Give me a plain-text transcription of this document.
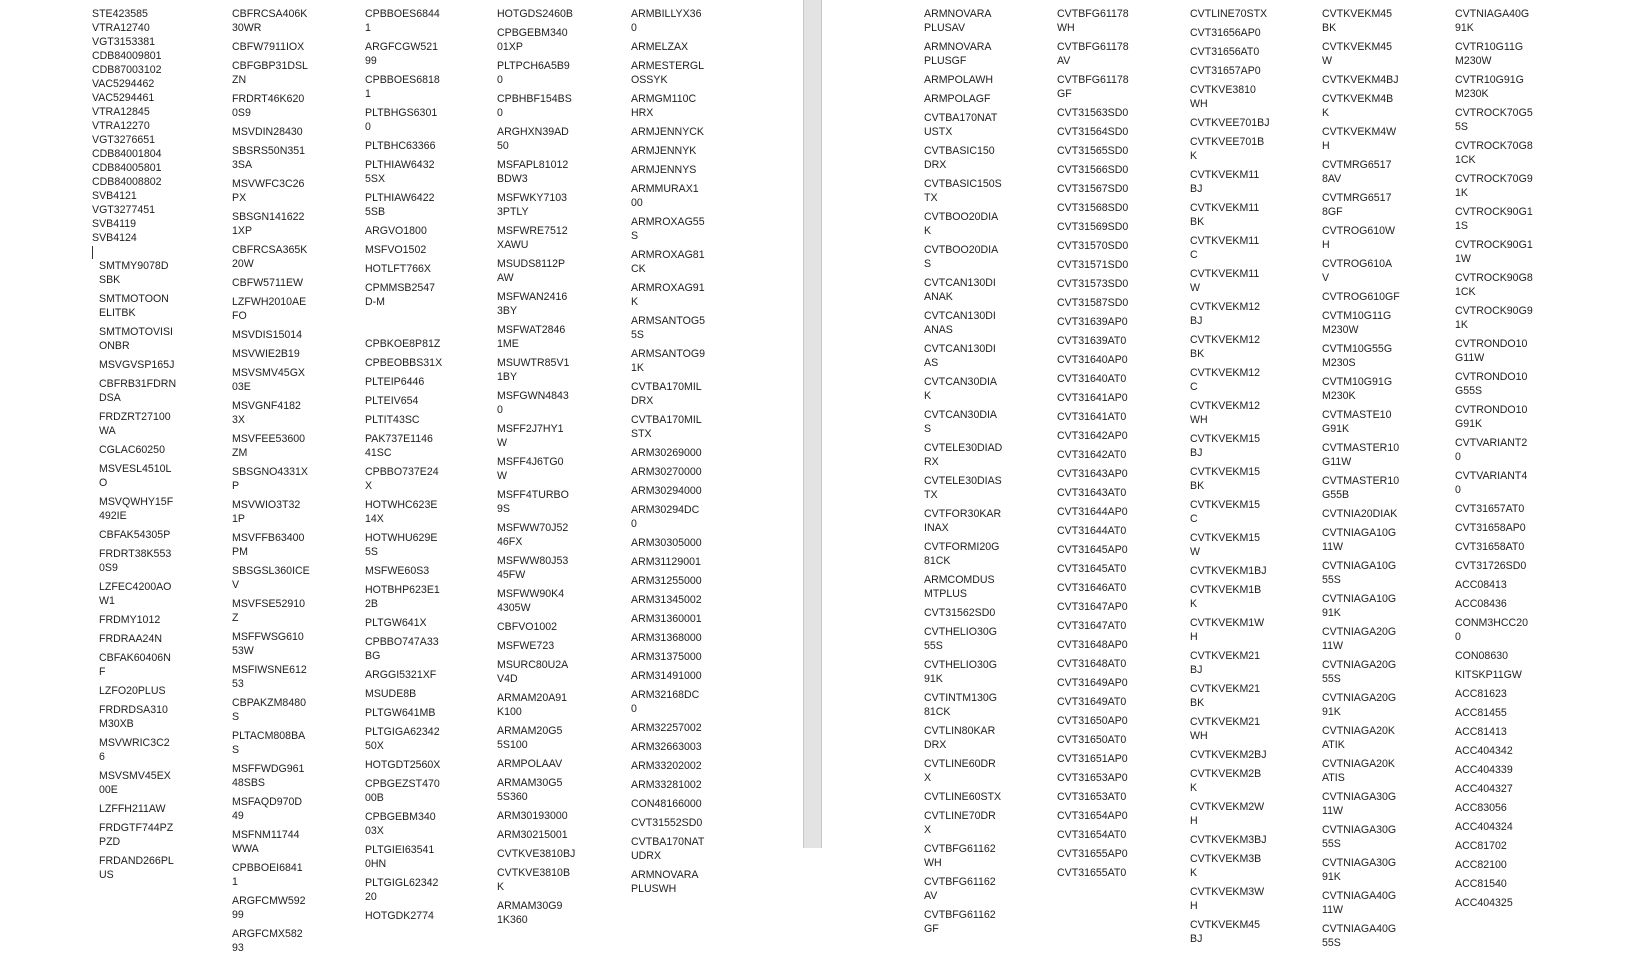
STE423585
VTRA12740
VGT3153381
CDB84009801
CDB87003102
VAC5294462
VAC5294461
VTRA12845
VTRA12270
VGT3276651
CDB84001804
CDB84005801
CDB84008802
SVB4121
VGT3277451
SVB4119
SVB4124
SMTMY9078D
SBK
SMTMOTOON
ELITBK
SMTMOTOVISI
ONBR
MSVGVSP165J
CBFRB31FDRN
DSA
FRDZRT27100
WA
CGLAC60250
MSVESL4510L
O
MSVQWHY15F
492IE
CBFAK54305P
FRDRT38K553
0S9
LZFEC4200AO
W1
FRDMY1012
FRDRAA24N
CBFAK60406N
F
LZFO20PLUS
FRDRDSA310
M30XB
MSVWRIC3C2
6
MSVSMV45EX
00E
LZFFH211AW
FRDGTF744PZ
PZD
FRDAND266PL
US
CBFRCSA406K
30WR
CBFW7911IOX
CBFGBP31DSL
ZN
FRDRT46K620
0S9
MSVDIN28430
SBSRS50N351
3SA
MSVWFC3C26
PX
SBSGN141622
1XP
CBFRCSA365K
20W
CBFW5711EW
LZFWH2010AE
FO
MSVDIS15014
MSVWIE2B19
MSVSMV45GX
03E
MSVGNF4182
3X
MSVFEE53600
ZM
SBSGNO4331X
P
MSVWIO3T32
1P
MSVFFB63400
PM
SBSGSL360ICE
V
MSVFSE52910
Z
MSFFWSG610
53W
MSFIWSNE612
53
CBPAKZM8480
S
PLTACM808BA
S
MSFFWDG961
48SBS
MSFAQD970D
49
MSFNM11744
WWA
CPBBOEI6841
1
ARGFCMW592
99
ARGFCMX582
93
CPBBOES6844
1
ARGFCGW521
99
CPBBOES6818
1
PLTBHGS6301
0
PLTBHC63366
PLTHIAW6432
5SX
PLTHIAW6422
5SB
ARGVO1800
MSFVO1502
HOTLFT766X
CPMMSB2547
D-M
CPBKOE8P81Z
CPBEOBBS31X
PLTEIP6446
PLTEIV654
PLTIT43SC
PAK737E1146
41SC
CPBBO737E24
X
HOTWHC623E
14X
HOTWHU629E
5S
MSFWE60S3
HOTBHP623E1
2B
PLTGW641X
CPBBO747A33
BG
ARGGI5321XF
MSUDE8B
PLTGW641MB
PLTGIGA62342
50X
HOTGDT2560X
CPBGEZST470
00B
CPBGEBM340
03X
PLTGIEI63541
0HN
PLTGIGL62342
20
HOTGDK2774
HOTGDS2460B
CPBGEBM340
01XP
PLTPCH6A5B9
0
CPBHBF154BS
0
ARGHXN39AD
50
MSFAPL81012
BDW3
MSFWKY7103
3PTLY
MSFWRE7512
XAWU
MSUDS8112P
AW
MSFWAN2416
3BY
MSFWAT2846
1ME
MSUWTR85V1
1BY
MSFGWN4843
0
MSFF2J7HY1
W
MSFF4J6TG0
W
MSFF4TURBO
9S
MSFWW70J52
46FX
MSFWW80J53
45FW
MSFWW90K4
4305W
CBFVO1002
MSFWE723
MSURC80U2A
V4D
ARMAM20A91
K100
ARMAM20G5
5S100
ARMPOLAAV
ARMAM30G5
5S360
ARM30193000
ARM30215001
CVTKVE3810BJ
CVTKVE3810B
K
ARMAM30G9
1K360
ARMBILLYX36
0
ARMELZAX
ARMESTERGL
OSSYK
ARMGM110C
HRX
ARMJENNYCK
ARMJENNYK
ARMJENNYS
ARMMURAX1
00
ARMROXAG55
S
ARMROXAG81
CK
ARMROXAG91
K
ARMSANTOG5
5S
ARMSANTOG9
1K
CVTBA170MIL
DRX
CVTBA170MIL
STX
ARM30269000
ARM30270000
ARM30294000
ARM30294DC
0
ARM30305000
ARM31129001
ARM31255000
ARM31345002
ARM31360001
ARM31368000
ARM31375000
ARM31491000
ARM32168DC
0
ARM32257002
ARM32663003
ARM33202002
ARM33281002
CON48166000
CVT31552SD0
CVTBA170NAT
UDRX
ARMNOVARA
PLUSWH
ARMNOVARA
PLUSAV
ARMNOVARA
PLUSGF
ARMPOLAWH
ARMPOLAGF
CVTBA170NAT
USTX
CVTBASIC150
DRX
CVTBASIC150S
TX
CVTBOO20DIA
K
CVTBOO20DIA
S
CVTCAN130DI
ANAK
CVTCAN130DI
ANAS
CVTCAN130DI
AS
CVTCAN30DIA
K
CVTCAN30DIA
S
CVTELE30DIAD
RX
CVTELE30DIAS
TX
CVTFOR30KAR
INAX
CVTFORMI20G
81CK
ARMCOMDUS
MTPLUS
CVT31562SD0
CVTHELIO30G
55S
CVTHELIO30G
91K
CVTINTM130G
81CK
CVTLIN80KAR
DRX
CVTLINE60DR
X
CVTLINE60STX
CVTLINE70DR
X
CVTBFG61162
WH
CVTBFG61162
AV
CVTBFG61162
GF
CVTBFG61178
WH
CVTBFG61178
AV
CVTBFG61178
GF
CVT31563SD0
CVT31564SD0
CVT31565SD0
CVT31566SD0
CVT31567SD0
CVT31568SD0
CVT31569SD0
CVT31570SD0
CVT31571SD0
CVT31573SD0
CVT31587SD0
CVT31639AP0
CVT31639AT0
CVT31640AP0
CVT31640AT0
CVT31641AP0
CVT31641AT0
CVT31642AP0
CVT31642AT0
CVT31643AP0
CVT31643AT0
CVT31644AP0
CVT31644AT0
CVT31645AP0
CVT31645AT0
CVT31646AT0
CVT31647AP0
CVT31647AT0
CVT31648AP0
CVT31648AT0
CVT31649AP0
CVT31649AT0
CVT31650AP0
CVT31650AT0
CVT31651AP0
CVT31653AP0
CVT31653AT0
CVT31654AP0
CVT31654AT0
CVT31655AP0
CVT31655AT0
CVTLINE70STX
CVT31656AP0
CVT31656AT0
CVT31657AP0
CVTKVE3810
WH
CVTKVEE701BJ
CVTKVEE701B
K
CVTKVEKM11
BJ
CVTKVEKM11
BK
CVTKVEKM11
C
CVTKVEKM11
W
CVTKVEKM12
BJ
CVTKVEKM12
BK
CVTKVEKM12
C
CVTKVEKM12
WH
CVTKVEKM15
BJ
CVTKVEKM15
BK
CVTKVEKM15
C
CVTKVEKM15
W
CVTKVEKM1BJ
CVTKVEKM1B
K
CVTKVEKM1W
H
CVTKVEKM21
BJ
CVTKVEKM21
BK
CVTKVEKM21
WH
CVTKVEKM2BJ
CVTKVEKM2B
K
CVTKVEKM2W
H
CVTKVEKM3BJ
CVTKVEKM3B
K
CVTKVEKM3W
H
CVTKVEKM45
BJ
CVTKVEKM45
BK
CVTKVEKM45
W
CVTKVEKM4BJ
CVTKVEKM4B
K
CVTKVEKM4W
H
CVTMRG6517
8AV
CVTMRG6517
8GF
CVTROG610W
H
CVTROG610A
V
CVTROG610GF
CVTM10G11G
M230W
CVTM10G55G
M230S
CVTM10G91G
M230K
CVTMASTE10
G91K
CVTMASTER10
G11W
CVTMASTER10
G55B
CVTNIA20DIAK
CVTNIAGA10G
11W
CVTNIAGA10G
55S
CVTNIAGA10G
91K
CVTNIAGA20G
11W
CVTNIAGA20G
55S
CVTNIAGA20G
91K
CVTNIAGA20K
ATIK
CVTNIAGA20K
ATIS
CVTNIAGA30G
11W
CVTNIAGA30G
55S
CVTNIAGA30G
91K
CVTNIAGA40G
11W
CVTNIAGA40G
55S
CVTNIAGA40G
91K
CVTR10G11G
M230W
CVTR10G91G
M230K
CVTROCK70G5
5S
CVTROCK70G8
1CK
CVTROCK70G9
1K
CVTROCK90G1
1S
CVTROCK90G1
1W
CVTROCK90G8
1CK
CVTROCK90G9
1K
CVTRONDO10
G11W
CVTRONDO10
G55S
CVTRONDO10
G91K
CVTVARIANT2
0
CVTVARIANT4
0
CVT31657AT0
CVT31658AP0
CVT31658AT0
CVT31726SD0
ACC08413
ACC08436
CONM3HCC20
0
CON08630
KITSKP11GW
ACC81623
ACC81455
ACC81413
ACC404342
ACC404339
ACC404327
ACC83056
ACC404324
ACC81702
ACC82100
ACC81540
ACC404325
